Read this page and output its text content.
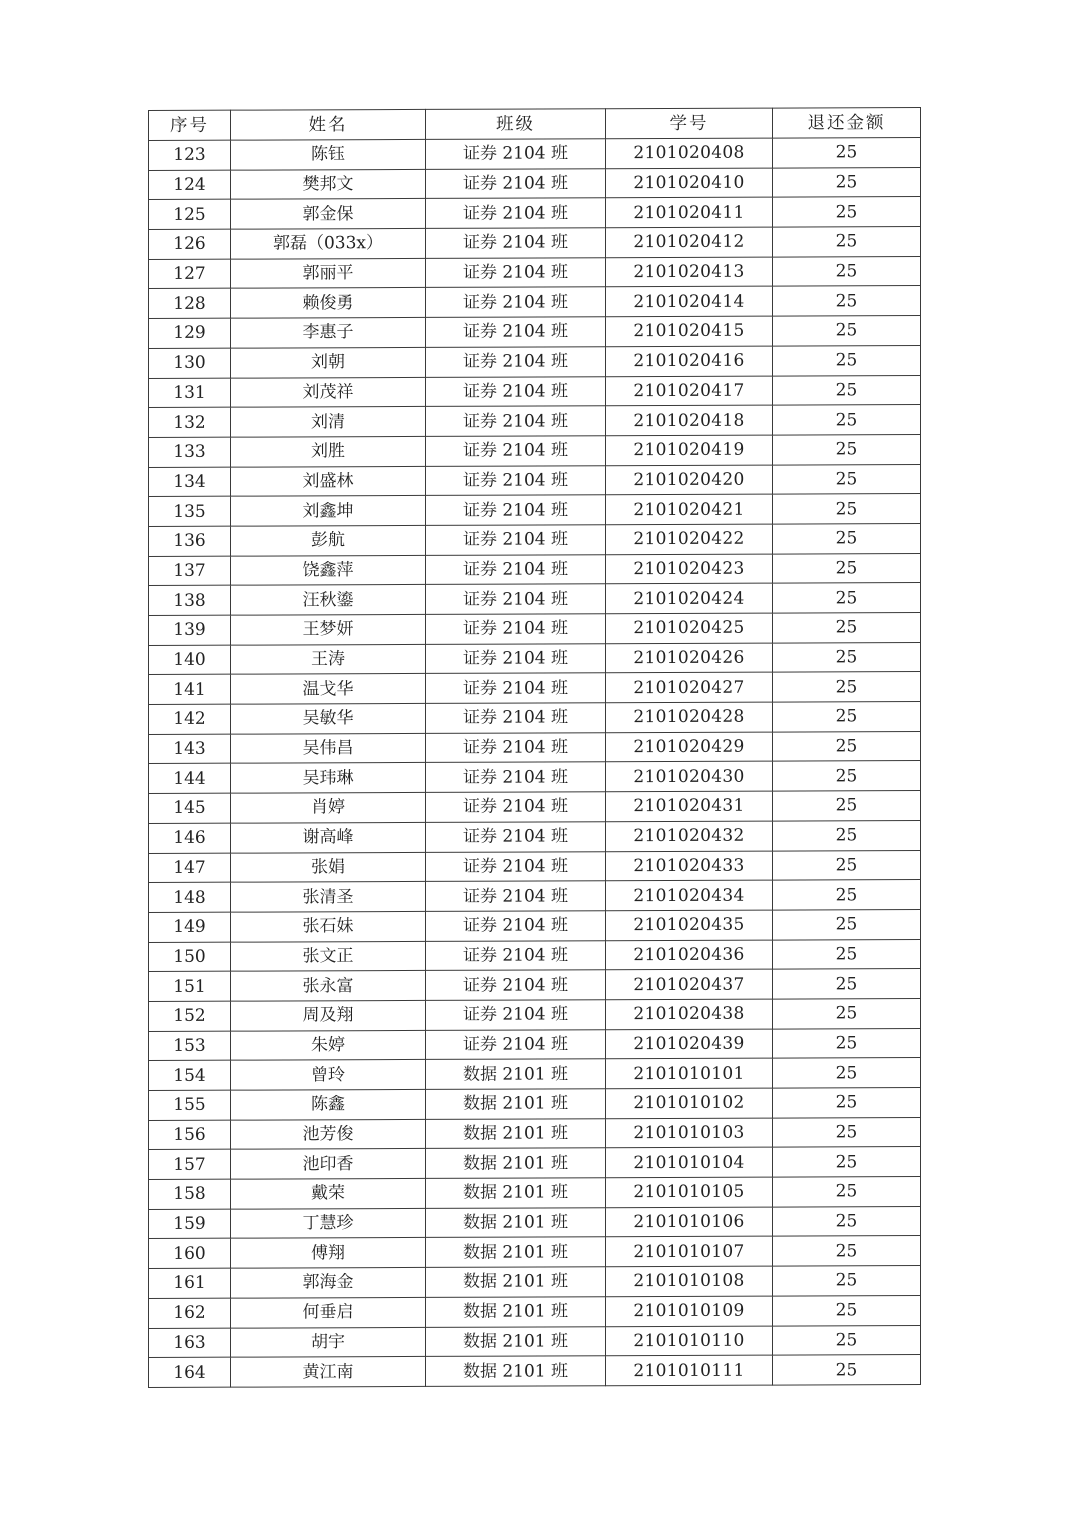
序号	姓名	班级	学号	退还金额
123	陈钰	证券 2104 班	2101020408	25
124	樊邦文	证券 2104 班	2101020410	25
125	郭金保	证券 2104 班	2101020411	25
126	郭磊（033x）	证券 2104 班	2101020412	25
127	郭丽平	证券 2104 班	2101020413	25
128	赖俊勇	证券 2104 班	2101020414	25
129	李惠子	证券 2104 班	2101020415	25
130	刘朝	证券 2104 班	2101020416	25
131	刘茂祥	证券 2104 班	2101020417	25
132	刘清	证券 2104 班	2101020418	25
133	刘胜	证券 2104 班	2101020419	25
134	刘盛林	证券 2104 班	2101020420	25
135	刘鑫坤	证券 2104 班	2101020421	25
136	彭航	证券 2104 班	2101020422	25
137	饶鑫萍	证券 2104 班	2101020423	25
138	汪秋鎏	证券 2104 班	2101020424	25
139	王梦妍	证券 2104 班	2101020425	25
140	王涛	证券 2104 班	2101020426	25
141	温戈华	证券 2104 班	2101020427	25
142	吴敏华	证券 2104 班	2101020428	25
143	吴伟昌	证券 2104 班	2101020429	25
144	吴玮琳	证券 2104 班	2101020430	25
145	肖婷	证券 2104 班	2101020431	25
146	谢高峰	证券 2104 班	2101020432	25
147	张娟	证券 2104 班	2101020433	25
148	张清圣	证券 2104 班	2101020434	25
149	张石妹	证券 2104 班	2101020435	25
150	张文正	证券 2104 班	2101020436	25
151	张永富	证券 2104 班	2101020437	25
152	周及翔	证券 2104 班	2101020438	25
153	朱婷	证券 2104 班	2101020439	25
154	曾玲	数据 2101 班	2101010101	25
155	陈鑫	数据 2101 班	2101010102	25
156	池芳俊	数据 2101 班	2101010103	25
157	池印香	数据 2101 班	2101010104	25
158	戴荣	数据 2101 班	2101010105	25
159	丁慧珍	数据 2101 班	2101010106	25
160	傅翔	数据 2101 班	2101010107	25
161	郭海金	数据 2101 班	2101010108	25
162	何垂启	数据 2101 班	2101010109	25
163	胡宇	数据 2101 班	2101010110	25
164	黄江南	数据 2101 班	2101010111	25
